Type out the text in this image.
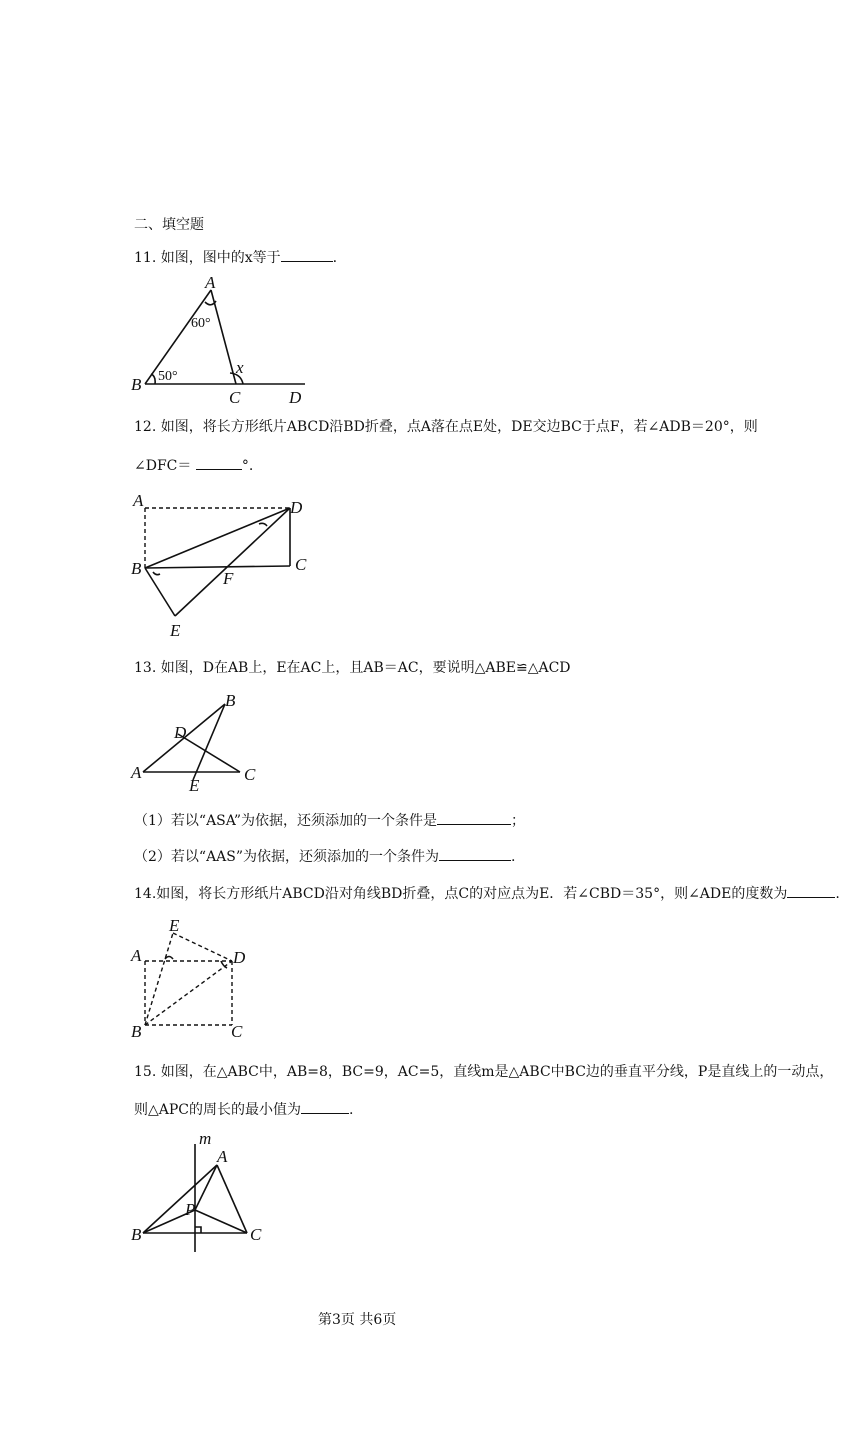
二、填空题
11. 如图，图中的x等于	.
A
60°
50°	x
B
C	D
12. 如图，将长方形纸片ABCD沿BD折叠，点A落在点E处，DE交边BC于点F，若∠ADB＝20°，则
∠DFC＝	°.
A	D
B	C
F
E
13. 如图，D在AB上，E在AC上，且AB＝AC，要说明△ABE≌△ACD
B
D
A
E
C
（1）若以“ASA”为依据，还须添加的一个条件是	；
（2）若以“AAS”为依据，还须添加的一个条件为	.
14.如图，将长方形纸片ABCD沿对角线BD折叠，点C的对应点为E．若∠CBD＝35°，则∠ADE的度数为	.
E
A	D
B	C
15. 如图，在△ABC中，AB=8，BC=9，AC=5，直线m是△ABC中BC边的垂直平分线，P是直线上的一动点，
则△APC的周长的最小值为	.
m
A
P
B	C
第3页 共6页
